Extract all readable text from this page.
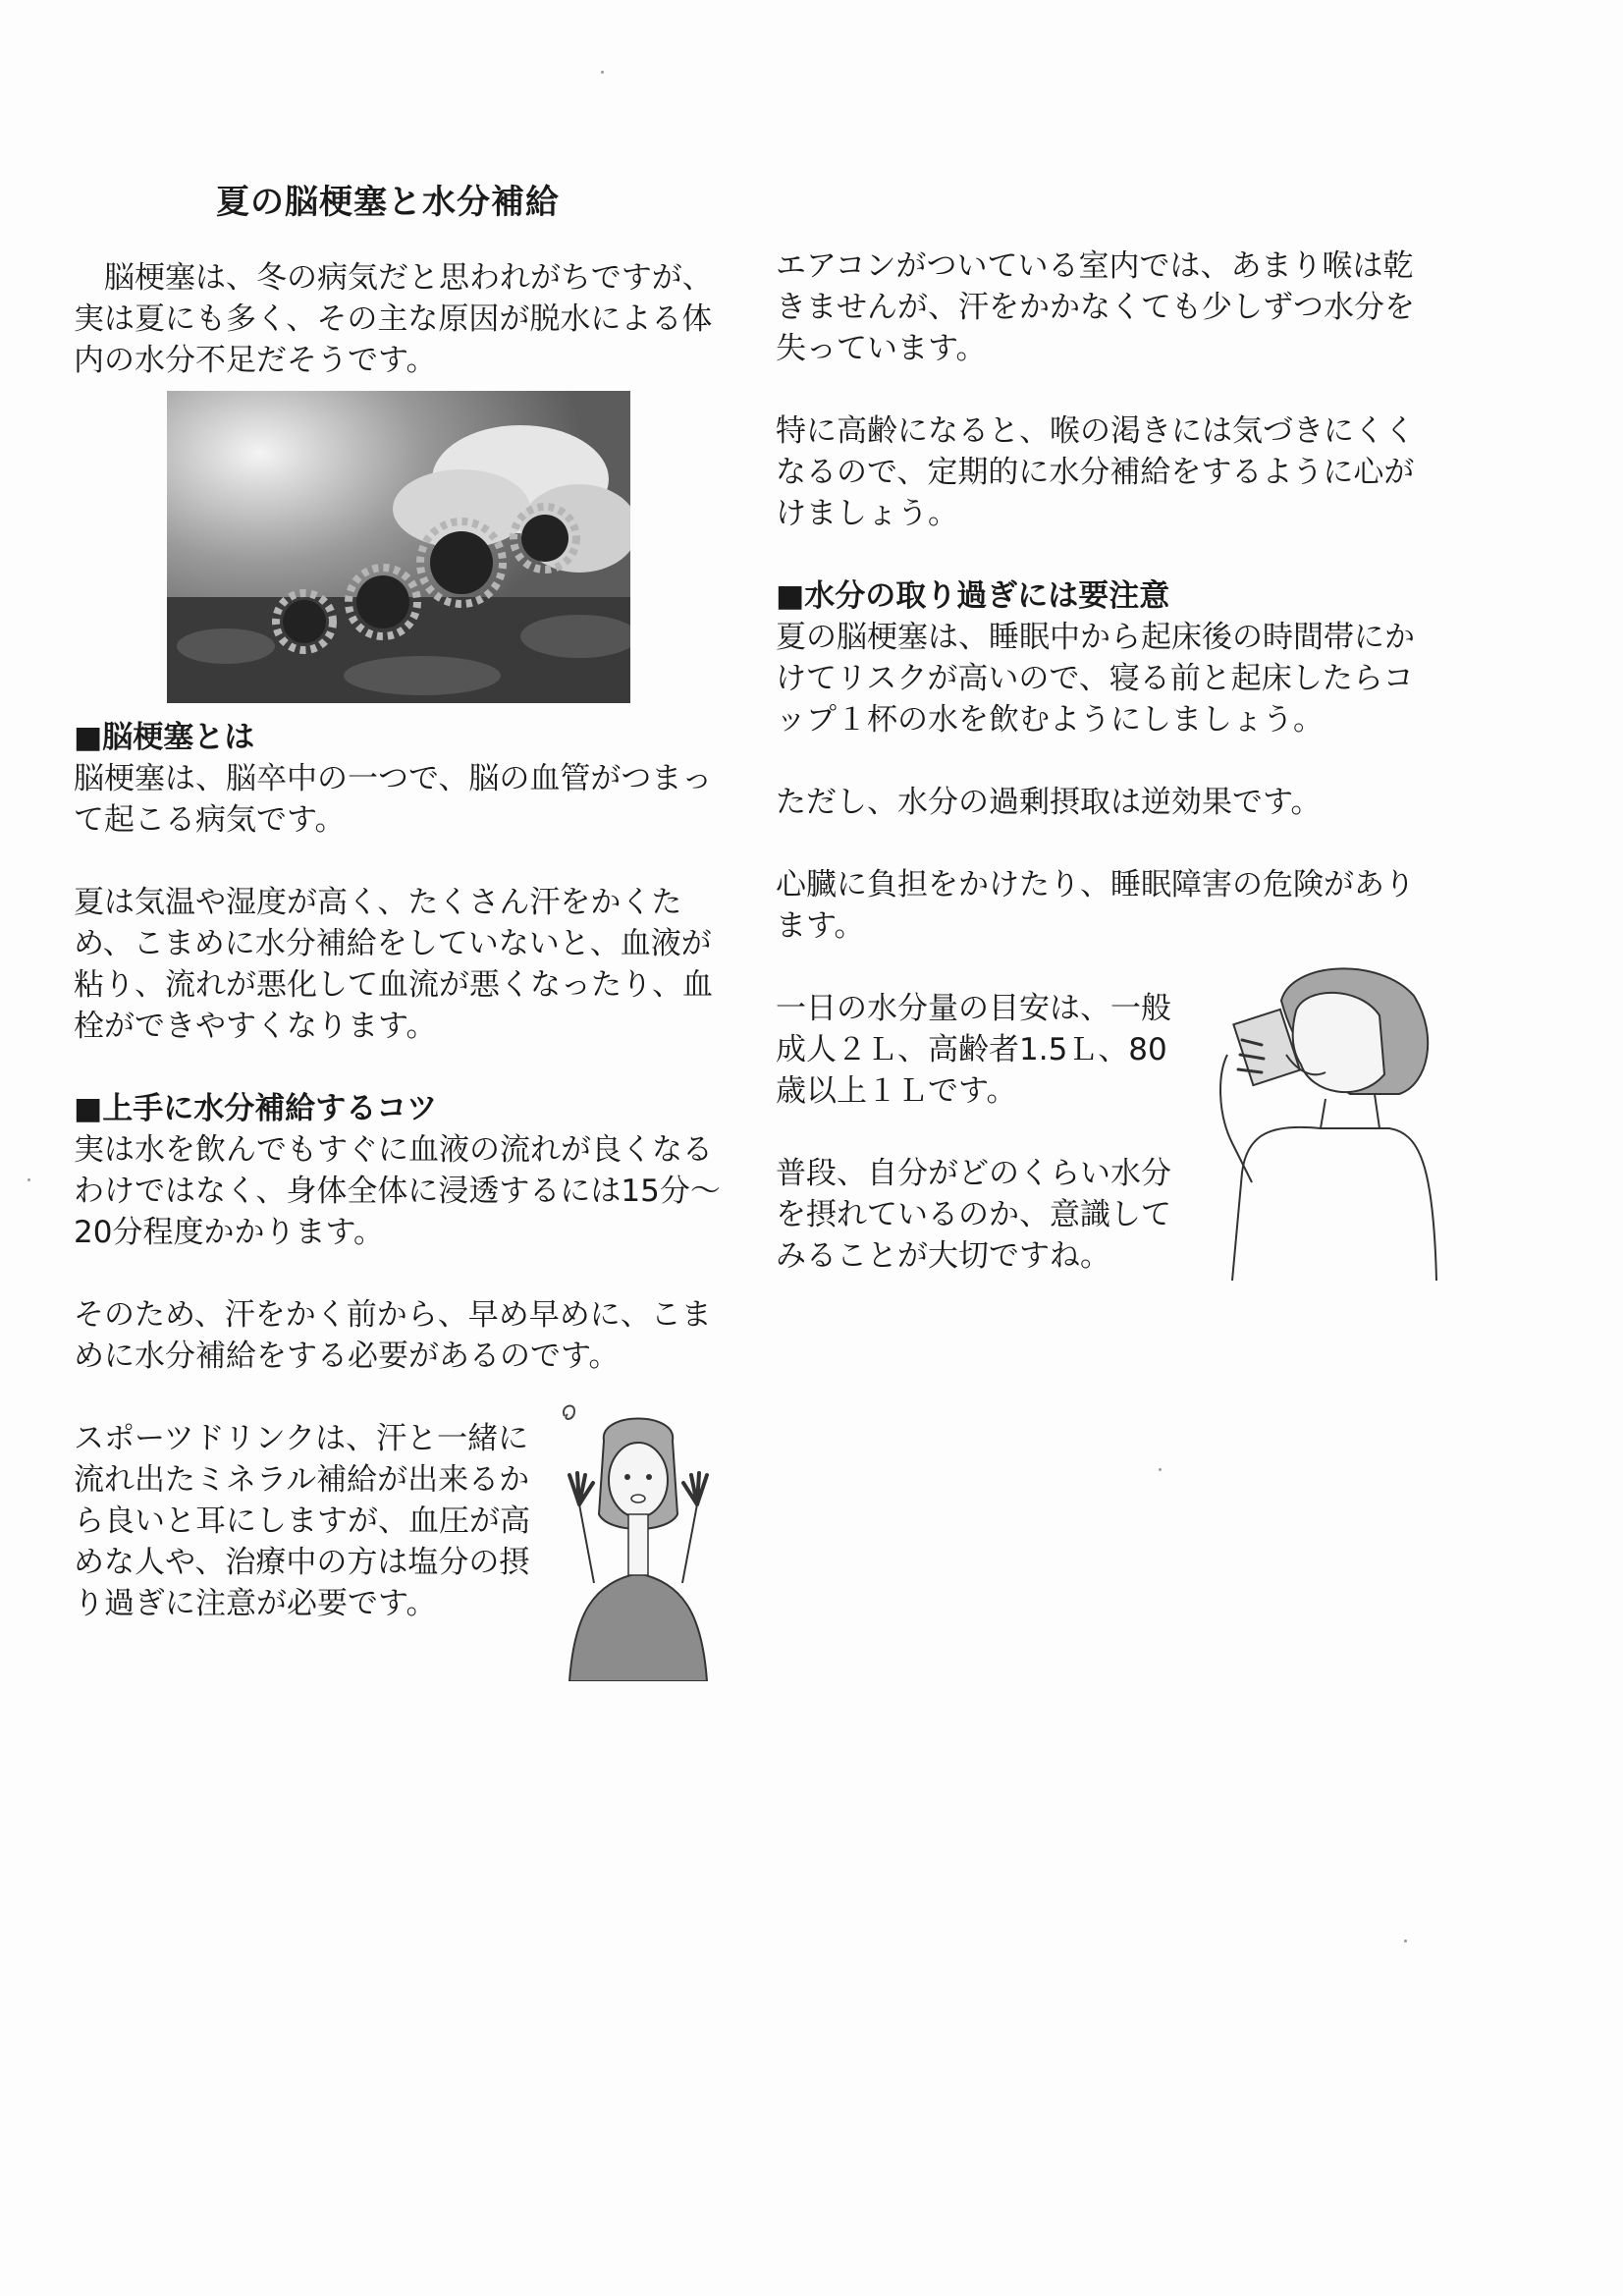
夏の脳梗塞と水分補給

脳梗塞は、冬の病気だと思われがちですが、実は夏にも多く、その主な原因が脱水による体内の水分不足だそうです。

■脳梗塞とは

脳梗塞は、脳卒中の一つで、脳の血管がつまって起こる病気です。

夏は気温や湿度が高く、たくさん汗をかくため、こまめに水分補給をしていないと、血液が粘り、流れが悪化して血流が悪くなったり、血栓ができやすくなります。

■上手に水分補給するコツ

実は水を飲んでもすぐに血液の流れが良くなるわけではなく、身体全体に浸透するには15分～20分程度かかります。

そのため、汗をかく前から、早め早めに、こまめに水分補給をする必要があるのです。

スポーツドリンクは、汗と一緒に流れ出たミネラル補給が出来るから良いと耳にしますが、血圧が高めな人や、治療中の方は塩分の摂り過ぎに注意が必要です。

エアコンがついている室内では、あまり喉は乾きませんが、汗をかかなくても少しずつ水分を失っています。

特に高齢になると、喉の渇きには気づきにくくなるので、定期的に水分補給をするように心がけましょう。

■水分の取り過ぎには要注意

夏の脳梗塞は、睡眠中から起床後の時間帯にかけてリスクが高いので、寝る前と起床したらコップ１杯の水を飲むようにしましょう。

ただし、水分の過剰摂取は逆効果です。

心臓に負担をかけたり、睡眠障害の危険があります。

一日の水分量の目安は、一般成人２Ｌ、高齢者1.5Ｌ、80歳以上１Ｌです。

普段、自分がどのくらい水分を摂れているのか、意識してみることが大切ですね。
